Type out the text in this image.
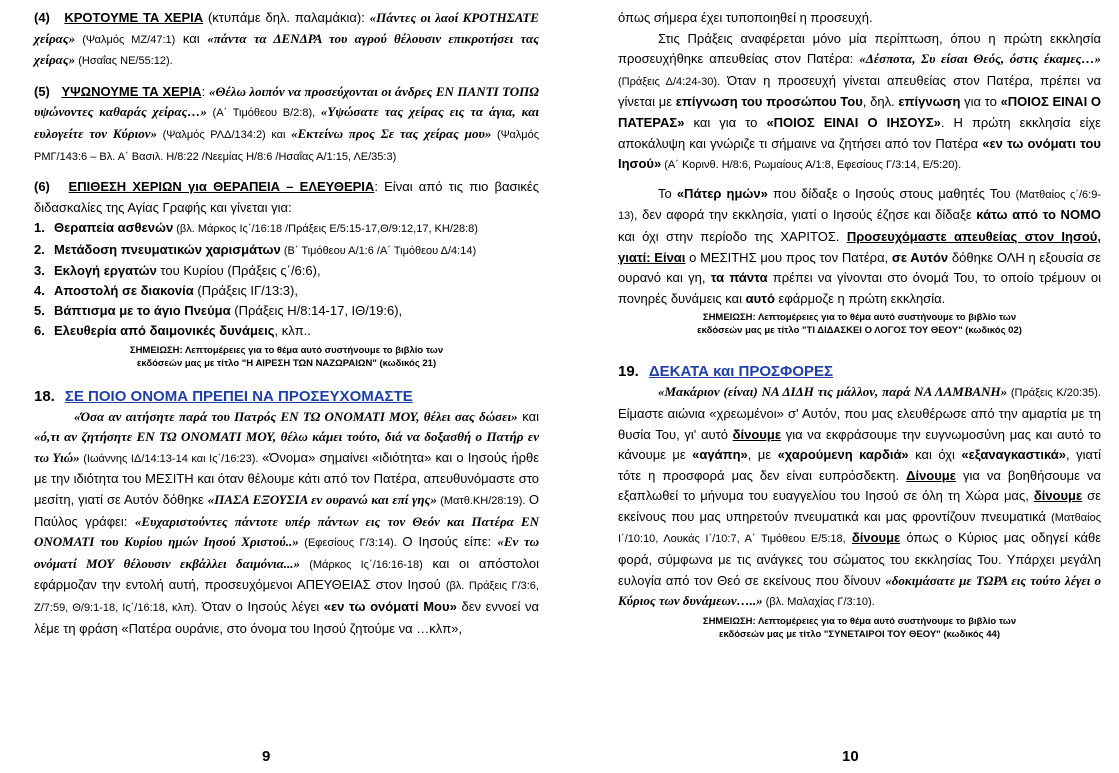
(4) ΚΡΟΤΟΥΜΕ ΤΑ ΧΕΡΙΑ (κτυπάμε δηλ. παλαμάκια): «Πάντες οι λαοί ΚΡΟΤΗΣΑΤΕ χείρας» (Ψαλμός ΜΖ/47:1) και «πάντα τα ΔΕΝΔΡΑ του αγρού θέλουσιν επικροτήσει τας χείρας» (Ησαΐας ΝΕ/55:12).

(5) ΥΨΩΝΟΥΜΕ ΤΑ ΧΕΡΙΑ: «Θέλω λοιπόν να προσεύχονται οι άνδρες ΕΝ ΠΑΝΤΙ ΤΟΠΩ υψώνοντες καθαράς χείρας…» (Α΄ Τιμόθεου Β/2:8), «Υψώσατε τας χείρας εις τα άγια, και ευλογείτε τον Κύριον» (Ψαλμός ΡΛΔ/134:2) και «Εκτείνω προς Σε τας χείρας μου» (Ψαλμός ΡΜΓ/143:6 – Βλ. Α΄ Βασιλ. Η/8:22 /Νεεμίας Η/8:6 /Ησαΐας Α/1:15, ΛΕ/35:3)

(6) ΕΠΙΘΕΣΗ ΧΕΡΙΩΝ για ΘΕΡΑΠΕΙΑ – ΕΛΕΥΘΕΡΙΑ: Είναι από τις πιο βασικές διδασκαλίες της Αγίας Γραφής και γίνεται για:

1. Θεραπεία ασθενών (βλ. Μάρκος Ις΄/16:18 /Πράξεις Ε/5:15-17,Θ/9:12,17, ΚΗ/28:8)
2. Μετάδοση πνευματικών χαρισμάτων (Β΄ Τιμόθεου Α/1:6 /Α΄ Τιμόθεου Δ/4:14)
3. Εκλογή εργατών του Κυρίου (Πράξεις ς΄/6:6),
4. Αποστολή σε διακονία (Πράξεις ΙΓ/13:3),
5. Βάπτισμα με το άγιο Πνεύμα (Πράξεις Η/8:14-17, ΙΘ/19:6),
6. Ελευθερία από δαιμονικές δυνάμεις, κλπ..

ΣΗΜΕΙΩΣΗ: Λεπτομέρειες για το θέμα αυτό συστήνουμε το βιβλίο των
εκδόσεών μας με τίτλο "Η ΑΙΡΕΣΗ ΤΩΝ ΝΑΖΩΡΑΙΩΝ" (κωδικός 21)

18. ΣΕ ΠΟΙΟ ΟΝΟΜΑ ΠΡΕΠΕΙ ΝΑ ΠΡΟΣΕΥΧΟΜΑΣΤΕ

«Όσα αν αιτήσητε παρά του Πατρός ΕΝ ΤΩ ΟΝΟΜΑΤΙ ΜΟΥ, θέλει σας δώσει» και «ό,τι αν ζητήσητε ΕΝ ΤΩ ΟΝΟΜΑΤΙ ΜΟΥ, θέλω κάμει τούτο, διά να δοξασθή ο Πατήρ εν τω Υιώ» (Ιωάννης ΙΔ/14:13-14 και Ις΄/16:23). «Όνομα» σημαίνει «ιδιότητα» και ο Ιησούς ήρθε με την ιδιότητα του ΜΕΣΙΤΗ και όταν θέλουμε κάτι από τον Πατέρα, απευθυνόμαστε στο μεσίτη, γιατί σε Αυτόν δόθηκε «ΠΑΣΑ ΕΞΟΥΣΙΑ εν ουρανώ και επί γης» (Ματθ.ΚΗ/28:19). Ο Παύλος γράφει: «Ευχαριστούντες πάντοτε υπέρ πάντων εις τον Θεόν και Πατέρα ΕΝ ΟΝΟΜΑΤΙ του Κυρίου ημών Ιησού Χριστού..» (Εφεσίους Γ/3:14). Ο Ιησούς είπε: «Εν τω ονόματί ΜΟΥ θέλουσιν εκβάλλει δαιμόνια...» (Μάρκος Ις΄/16:16-18) και οι απόστολοι εφάρμοζαν την εντολή αυτή, προσευχόμενοι ΑΠΕΥΘΕΙΑΣ στον Ιησού (βλ. Πράξεις Γ/3:6, Ζ/7:59, Θ/9:1-18, Ις΄/16:18, κλπ). Όταν ο Ιησούς λέγει «εν τω ονόματί Μου» δεν εννοεί να λέμε τη φράση «Πατέρα ουράνιε, στο όνομα του Ιησού ζητούμε να …κλπ»,

9

όπως σήμερα έχει τυποποιηθεί η προσευχή.

Στις Πράξεις αναφέρεται μόνο μία περίπτωση, όπου η πρώτη εκκλησία προσευχήθηκε απευθείας στον Πατέρα: «Δέσποτα, Συ είσαι Θεός, όστις έκαμες…» (Πράξεις Δ/4:24-30). Όταν η προσευχή γίνεται απευθείας στον Πατέρα, πρέπει να γίνεται με επίγνωση του προσώπου Του, δηλ. επίγνωση για το «ΠΟΙΟΣ ΕΙΝΑΙ Ο ΠΑΤΕΡΑΣ» και για το «ΠΟΙΟΣ ΕΙΝΑΙ Ο ΙΗΣΟΥΣ». Η πρώτη εκκλησία είχε αποκάλυψη και γνώριζε τι σήμαινε να ζητήσει από τον Πατέρα «εν τω ονόματι του Ιησού» (Α΄ Κορινθ. Η/8:6, Ρωμαίους Α/1:8, Εφεσίους Γ/3:14, Ε/5:20).

Το «Πάτερ ημών» που δίδαξε ο Ιησούς στους μαθητές Του (Ματθαίος ς΄/6:9-13), δεν αφορά την εκκλησία, γιατί ο Ιησούς έζησε και δίδαξε κάτω από το ΝΟΜΟ και όχι στην περίοδο της ΧΑΡΙΤΟΣ. Προσευχόμαστε απευθείας στον Ιησού, γιατί: Είναι ο ΜΕΣΙΤΗΣ μου προς τον Πατέρα, σε Αυτόν δόθηκε ΟΛΗ η εξουσία σε ουρανό και γη, τα πάντα πρέπει να γίνονται στο όνομά Του, το οποίο τρέμουν οι πονηρές δυνάμεις και αυτό εφάρμοζε η πρώτη εκκλησία.

ΣΗΜΕΙΩΣΗ: Λεπτομέρειες για το θέμα αυτό συστήνουμε το βιβλίο των
εκδόσεών μας με τίτλο "ΤΙ ΔΙΔΑΣΚΕΙ Ο ΛΟΓΟΣ ΤΟΥ ΘΕΟΥ" (κωδικός 02)

19. ΔΕΚΑΤΑ και ΠΡΟΣΦΟΡΕΣ

«Μακάριον (είναι) ΝΑ ΔΙΔΗ τις μάλλον, παρά ΝΑ ΛΑΜΒΑΝΗ» (Πράξεις Κ/20:35). Είμαστε αιώνια «χρεωμένοι» σ' Αυτόν, που μας ελευθέρωσε από την αμαρτία με τη θυσία Του, γι' αυτό δίνουμε για να εκφράσουμε την ευγνωμοσύνη μας και αυτό το κάνουμε με «αγάπη», με «χαρούμενη καρδιά» και όχι «εξαναγκαστικά», γιατί τότε η προσφορά μας δεν είναι ευπρόσδεκτη. Δίνουμε για να βοηθήσουμε να εξαπλωθεί το μήνυμα του ευαγγελίου του Ιησού σε όλη τη Χώρα μας, δίνουμε σε εκείνους που μας υπηρετούν πνευματικά και μας φροντίζουν πνευματικά (Ματθαίος Ι΄/10:10, Λουκάς Ι΄/10:7, Α΄ Τιμόθεου Ε/5:18, δίνουμε όπως ο Κύριος μας οδηγεί κάθε φορά, σύμφωνα με τις ανάγκες του σώματος του εκκλησίας Του. Υπάρχει μεγάλη ευλογία από τον Θεό σε εκείνους που δίνουν «δοκιμάσατε με ΤΩΡΑ εις τούτο λέγει ο Κύριος των δυνάμεων…..» (βλ. Μαλαχίας Γ/3:10).

ΣΗΜΕΙΩΣΗ: Λεπτομέρειες για το θέμα αυτό συστήνουμε το βιβλίο των
εκδόσεών μας με τίτλο "ΣΥΝΕΤΑΙΡΟΙ ΤΟΥ ΘΕΟΥ" (κωδικός 44)

10
